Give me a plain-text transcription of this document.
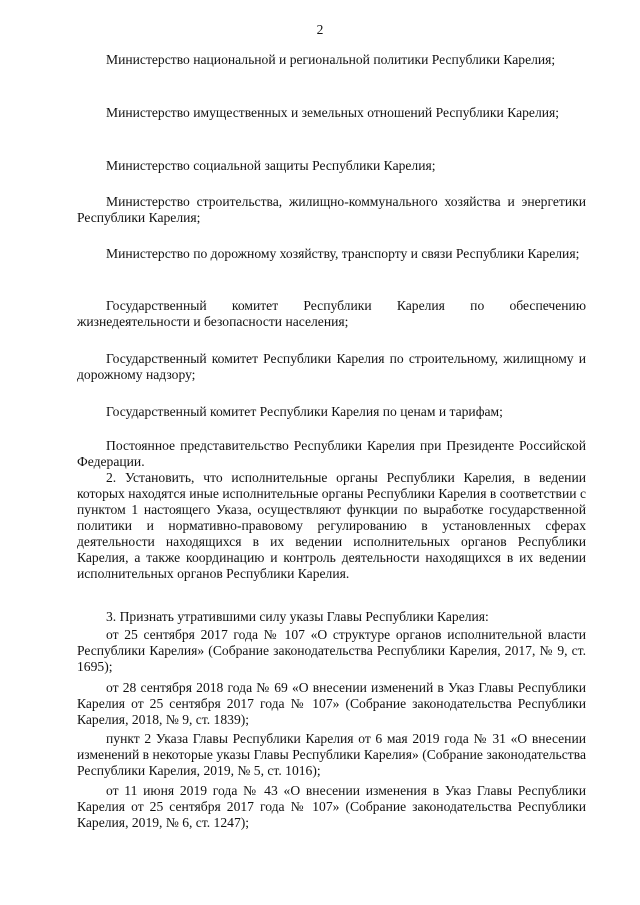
2

Министерство национальной и региональной политики Республики Карелия;

Министерство имущественных и земельных отношений Республики Карелия;

Министерство социальной защиты Республики Карелия;

Министерство строительства, жилищно-коммунального хозяйства и энергетики Республики Карелия;

Министерство по дорожному хозяйству, транспорту и связи Республики Карелия;

Государственный комитет Республики Карелия по обеспечению жизнедеятельности и безопасности населения;

Государственный комитет Республики Карелия по строительному, жилищному и дорожному надзору;

Государственный комитет Республики Карелия по ценам и тарифам;

Постоянное представительство Республики Карелия при Президенте Российской Федерации.

2. Установить, что исполнительные органы Республики Карелия, в ведении которых находятся иные исполнительные органы Республики Карелия в соответствии с пунктом 1 настоящего Указа, осуществляют функции по выработке государственной политики и нормативно-правовому регулированию в установленных сферах деятельности находящихся в их ведении исполнительных органов Республики Карелия, а также координацию и контроль деятельности находящихся в их ведении исполнительных органов Республики Карелия.

3. Признать утратившими силу указы Главы Республики Карелия:

от 25 сентября 2017 года № 107 «О структуре органов исполнительной власти Республики Карелия» (Собрание законодательства Республики Карелия, 2017, № 9, ст. 1695);

от 28 сентября 2018 года № 69 «О внесении изменений в Указ Главы Республики Карелия от 25 сентября 2017 года № 107» (Собрание законодательства Республики Карелия, 2018, № 9, ст. 1839);

пункт 2 Указа Главы Республики Карелия от 6 мая 2019 года № 31 «О внесении изменений в некоторые указы Главы Республики Карелия» (Собрание законодательства Республики Карелия, 2019, № 5, ст. 1016);

от 11 июня 2019 года № 43 «О внесении изменения в Указ Главы Республики Карелия от 25 сентября 2017 года № 107» (Собрание законодательства Республики Карелия, 2019, № 6, ст. 1247);
